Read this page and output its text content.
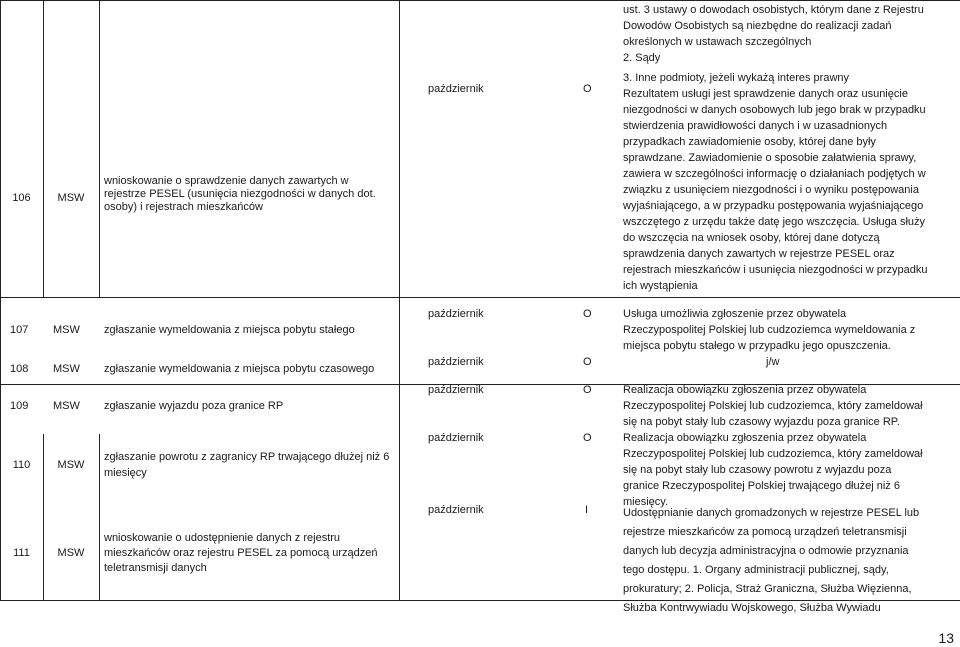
106	MSW
wnioskowanie o sprawdzenie danych zawartych w rejestrze PESEL (usunięcia niezgodności w danych dot. osoby) i rejestrach mieszkańców
październik	O
ust. 3 ustawy o dowodach osobistych, którym dane z Rejestru
Dowodów Osobistych są niezbędne do realizacji zadań
określonych w ustawach szczególnych
2. Sądy
3. Inne podmioty, jeżeli wykażą interes prawny
Rezultatem usługi jest sprawdzenie danych oraz usunięcie
niezgodności w danych osobowych lub jego brak w przypadku
stwierdzenia prawidłowości danych i w uzasadnionych
przypadkach zawiadomienie osoby, której dane były
sprawdzane. Zawiadomienie o sposobie załatwienia sprawy,
zawiera w szczególności informację o działaniach podjętych w
związku z usunięciem niezgodności i o wyniku postępowania
wyjaśniającego, a w przypadku postępowania wyjaśniającego
wszczętego z urzędu także datę jego wszczęcia. Usługa służy
do wszczęcia na wniosek osoby, której dane dotyczą
sprawdzenia danych zawartych w rejestrze PESEL oraz
rejestrach mieszkańców i usunięcia niezgodności w przypadku
ich wystąpienia
107 MSW zgłaszanie wymeldowania z miejsca pobytu stałego
październik	O	Usługa umożliwia zgłoszenie przez obywatela
Rzeczypospolitej Polskiej lub cudzoziemca wymeldowania z
miejsca pobytu stałego w przypadku jego opuszczenia.
108 MSW zgłaszanie wymeldowania z miejsca pobytu czasowego
październik	O	j/w
109 MSW zgłaszanie wyjazdu poza granice RP
październik	O	Realizacja obowiązku zgłoszenia przez obywatela
Rzeczypospolitej Polskiej lub cudzoziemca, który zameldował
się na pobyt stały lub czasowy wyjazdu poza granice RP.
110	MSW
zgłaszanie powrotu z zagranicy RP trwającego dłużej niż 6
miesięcy
październik	O	Realizacja obowiązku zgłoszenia przez obywatela
Rzeczypospolitej Polskiej lub cudzoziemca, który zameldował
się na pobyt stały lub czasowy powrotu z wyjazdu poza
granice Rzeczypospolitej Polskiej trwającego dłużej niż 6
miesięcy.
111	MSW
wnioskowanie o udostępnienie danych z rejestru
mieszkańców oraz rejestru PESEL za pomocą urządzeń
teletransmisji danych
październik	I	Udostępnianie danych gromadzonych w rejestrze PESEL lub
rejestrze mieszkańców za pomocą urządzeń teletransmisji
danych lub decyzja administracyjna o odmowie przyznania
tego dostępu. 1. Organy administracji publicznej, sądy,
prokuratury; 2. Policja, Straż Graniczna, Służba Więzienna,
Służba Kontrwywiadu Wojskowego, Służba Wywiadu
13
